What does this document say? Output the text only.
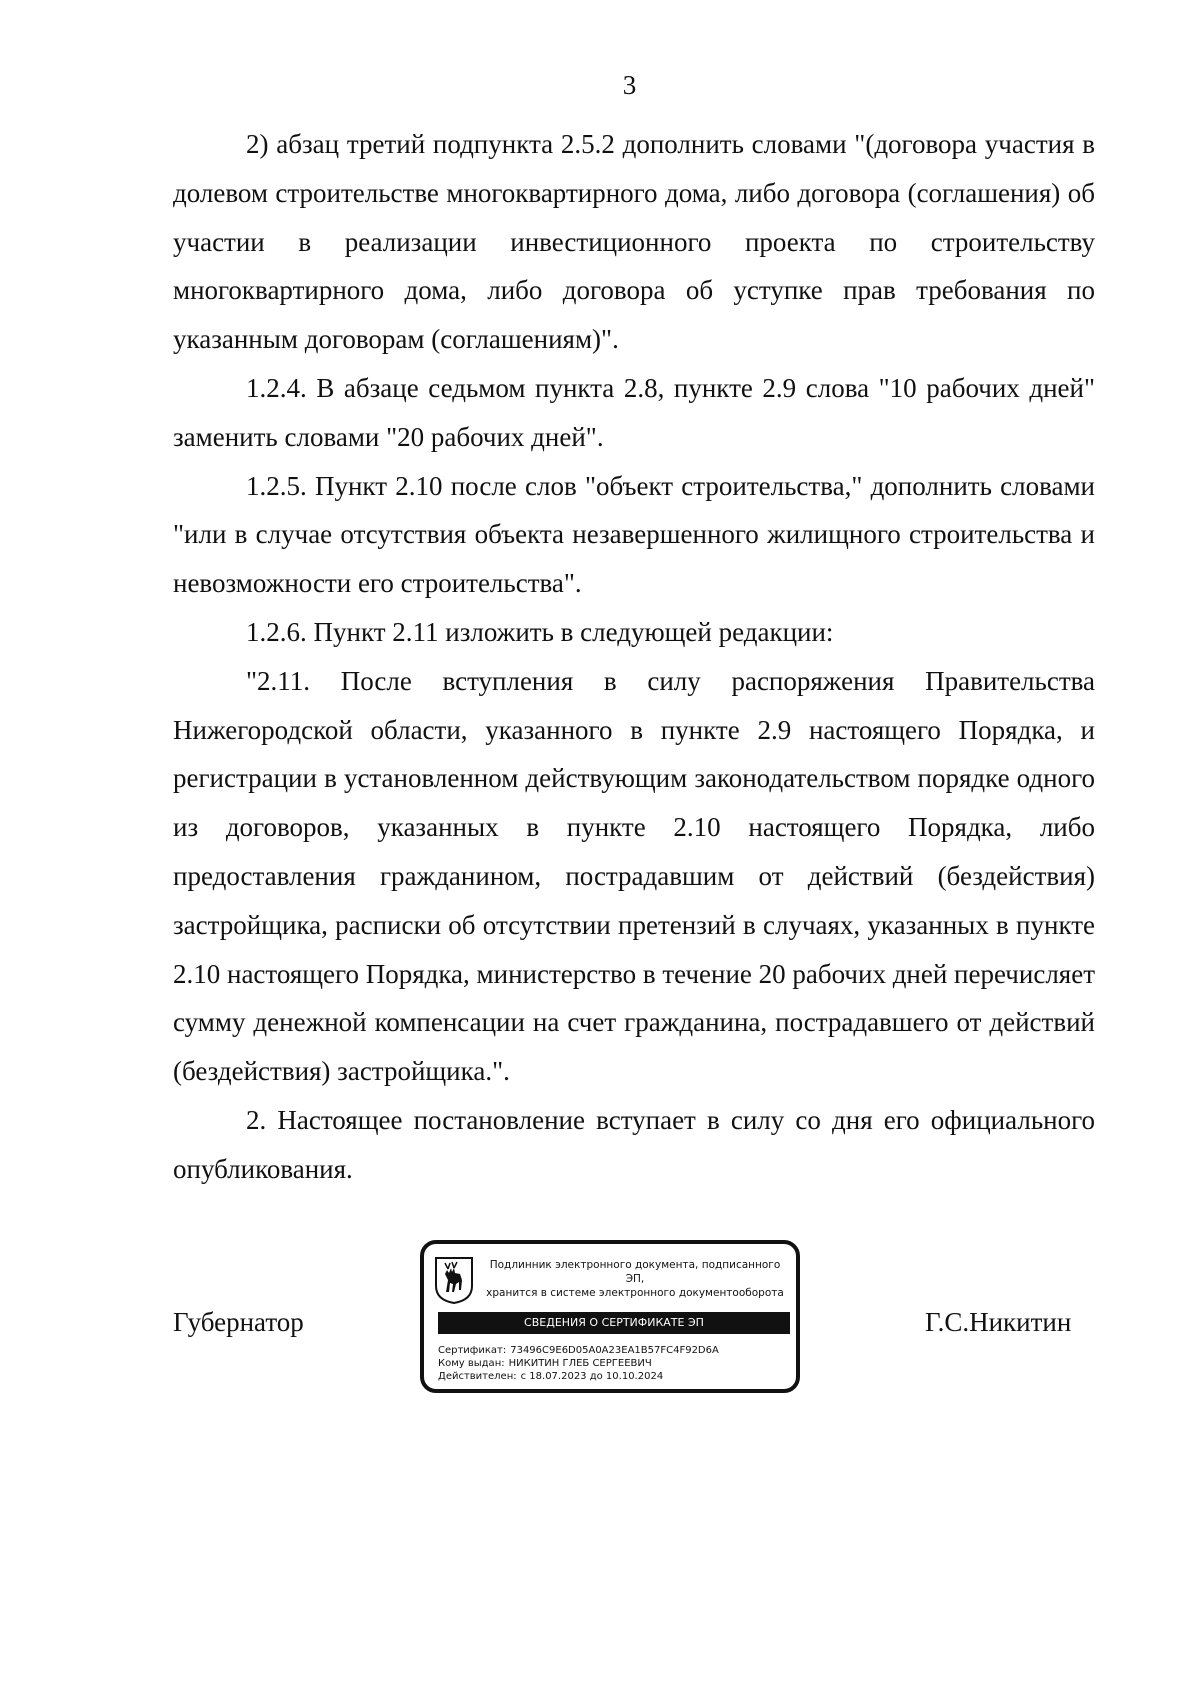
3

2) абзац третий подпункта 2.5.2 дополнить словами "(договора участия в долевом строительстве многоквартирного дома, либо договора (соглашения) об участии в реализации инвестиционного проекта по строительству многоквартирного дома, либо договора об уступке прав требования по указанным договорам (соглашениям)".

1.2.4. В абзаце седьмом пункта 2.8, пункте 2.9 слова "10 рабочих дней" заменить словами "20 рабочих дней".

1.2.5. Пункт 2.10 после слов "объект строительства," дополнить словами "или в случае отсутствия объекта незавершенного жилищного строительства и невозможности его строительства".

1.2.6. Пункт 2.11 изложить в следующей редакции:

"2.11. После вступления в силу распоряжения Правительства Нижегородской области, указанного в пункте 2.9 настоящего Порядка, и регистрации в установленном действующим законодательством порядке одного из договоров, указанных в пункте 2.10 настоящего Порядка, либо предоставления гражданином, пострадавшим от действий (бездействия) застройщика, расписки об отсутствии претензий в случаях, указанных в пункте 2.10 настоящего Порядка, министерство в течение 20 рабочих дней перечисляет сумму денежной компенсации на счет гражданина, пострадавшего от действий (бездействия) застройщика.".

2. Настоящее постановление вступает в силу со дня его официального опубликования.

Губернатор
Подлинник электронного документа, подписанного ЭП,
хранится в системе электронного документооборота
СВЕДЕНИЯ О СЕРТИФИКАТЕ ЭП
Сертификат: 73496C9E6D05A0A23EA1B57FC4F92D6A
Кому выдан: НИКИТИН ГЛЕБ СЕРГЕЕВИЧ
Действителен: с 18.07.2023 до 10.10.2024
Г.С.Никитин
